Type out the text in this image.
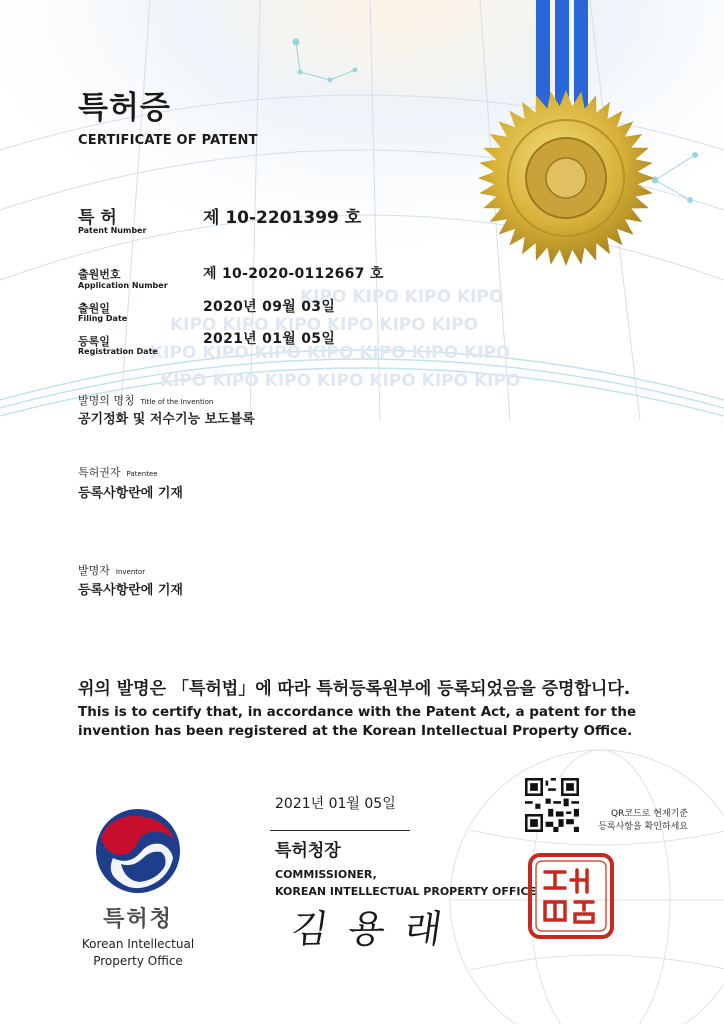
KIPO KIPO KIPO KIPO
KIPO KIPO KIPO KIPO KIPO KIPO
KIPO KIPO KIPO KIPO KIPO KIPO KIPO
KIPO KIPO KIPO KIPO KIPO KIPO KIPO
특허증
CERTIFICATE OF PATENT
특 허
Patent Number
제 10-2201399 호
출원번호
Application Number
제 10-2020-0112667 호
출원일
Filing Date
2020년 09월 03일
등록일
Registration Date
2021년 01월 05일
발명의 명칭 Title of the Invention
공기정화 및 저수기능 보도블록
특허권자 Patentee
등록사항란에 기재
발명자 Inventor
등록사항란에 기재
위의 발명은 「특허법」에 따라 특허등록원부에 등록되었음을 증명합니다.
This is to certify that, in accordance with the Patent Act, a patent for the
invention has been registered at the Korean Intellectual Property Office.
2021년 01월 05일
QR코드로 현재기준
등록사항을 확인하세요
특허청장
COMMISSIONER,
KOREAN INTELLECTUAL PROPERTY OFFICE
김 용 래
특허청
Korean Intellectual
Property Office
